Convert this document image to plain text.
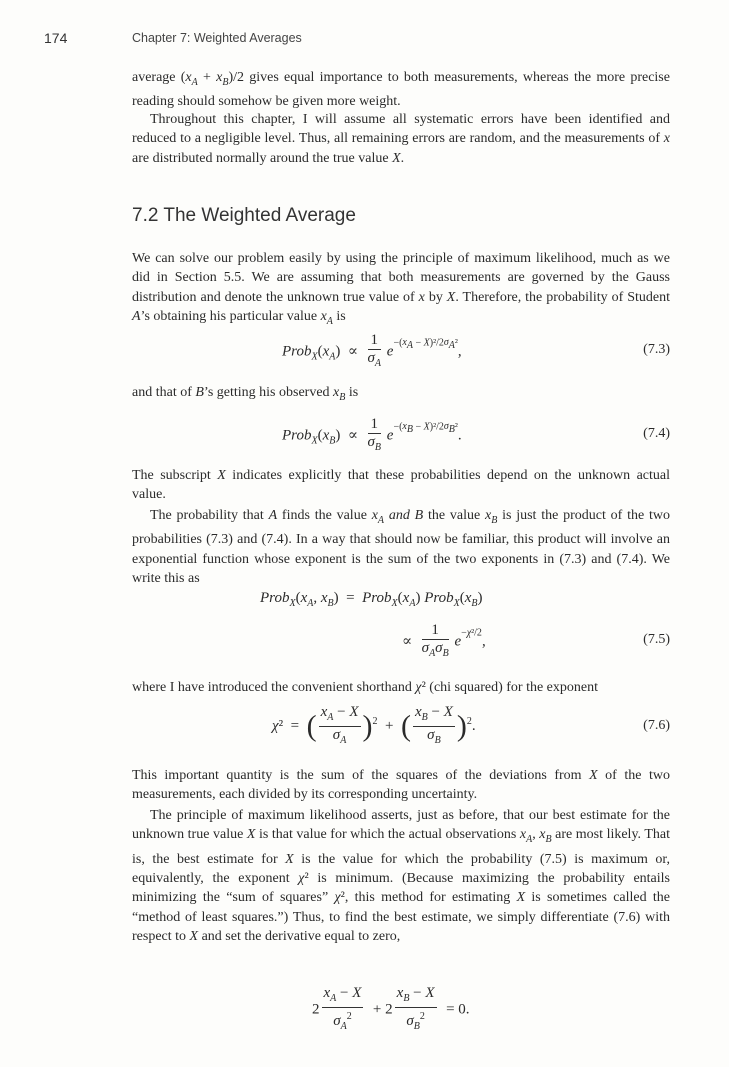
174	Chapter 7: Weighted Averages

average $(x_A + x_B)/2$ gives equal importance to both measurements, whereas the more precise reading should somehow be given more weight.

Throughout this chapter, I will assume all systematic errors have been identified and reduced to a negligible level. Thus, all remaining errors are random, and the measurements of x are distributed normally around the true value X.

7.2 The Weighted Average

We can solve our problem easily by using the principle of maximum likelihood, much as we did in Section 5.5. We are assuming that both measurements are governed by the Gauss distribution and denote the unknown true value of x by X. Therefore, the probability of Student A’s obtaining his particular value $x_A$ is

$Prob_X(x_A) \propto \frac{1}{\sigma_A} e^{-(x_A - X)^2/2\sigma_A^2}$,	(7.3)

and that of B’s getting his observed $x_B$ is

$Prob_X(x_B) \propto \frac{1}{\sigma_B} e^{-(x_B - X)^2/2\sigma_B^2}$.	(7.4)

The subscript X indicates explicitly that these probabilities depend on the unknown actual value.

The probability that A finds the value $x_A$ and B the value $x_B$ is just the product of the two probabilities (7.3) and (7.4). In a way that should now be familiar, this product will involve an exponential function whose exponent is the sum of the two exponents in (7.3) and (7.4). We write this as

$Prob_X(x_A$, $x_B$)  =  $Prob_X(x_A)$ $Prob_X(x_B)$
∝ $\frac{1}{\sigma_A\sigma_B} e^{-\chi^2/2}$,	(7.5)

where I have introduced the convenient shorthand χ² (chi squared) for the exponent

χ²  =  ( $\frac{x_A - X}{\sigma_A} )^2$  +  ( $\frac{x_B - X}{\sigma_B} )^2$.	(7.6)

This important quantity is the sum of the squares of the deviations from X of the two measurements, each divided by its corresponding uncertainty.

The principle of maximum likelihood asserts, just as before, that our best estimate for the unknown true value X is that value for which the actual observations $x_A$, $x_B$ are most likely. That is, the best estimate for X is the value for which the probability (7.5) is maximum or, equivalently, the exponent χ² is minimum. (Because maximizing the probability entails minimizing the “sum of squares” χ², this method for estimating X is sometimes called the “method of least squares.”) Thus, to find the best estimate, we simply differentiate (7.6) with respect to X and set the derivative equal to zero,

$2 \frac{x_A - X}{\sigma_A^2} + 2 \frac{x_B - X}{\sigma_B^2} = 0$.
